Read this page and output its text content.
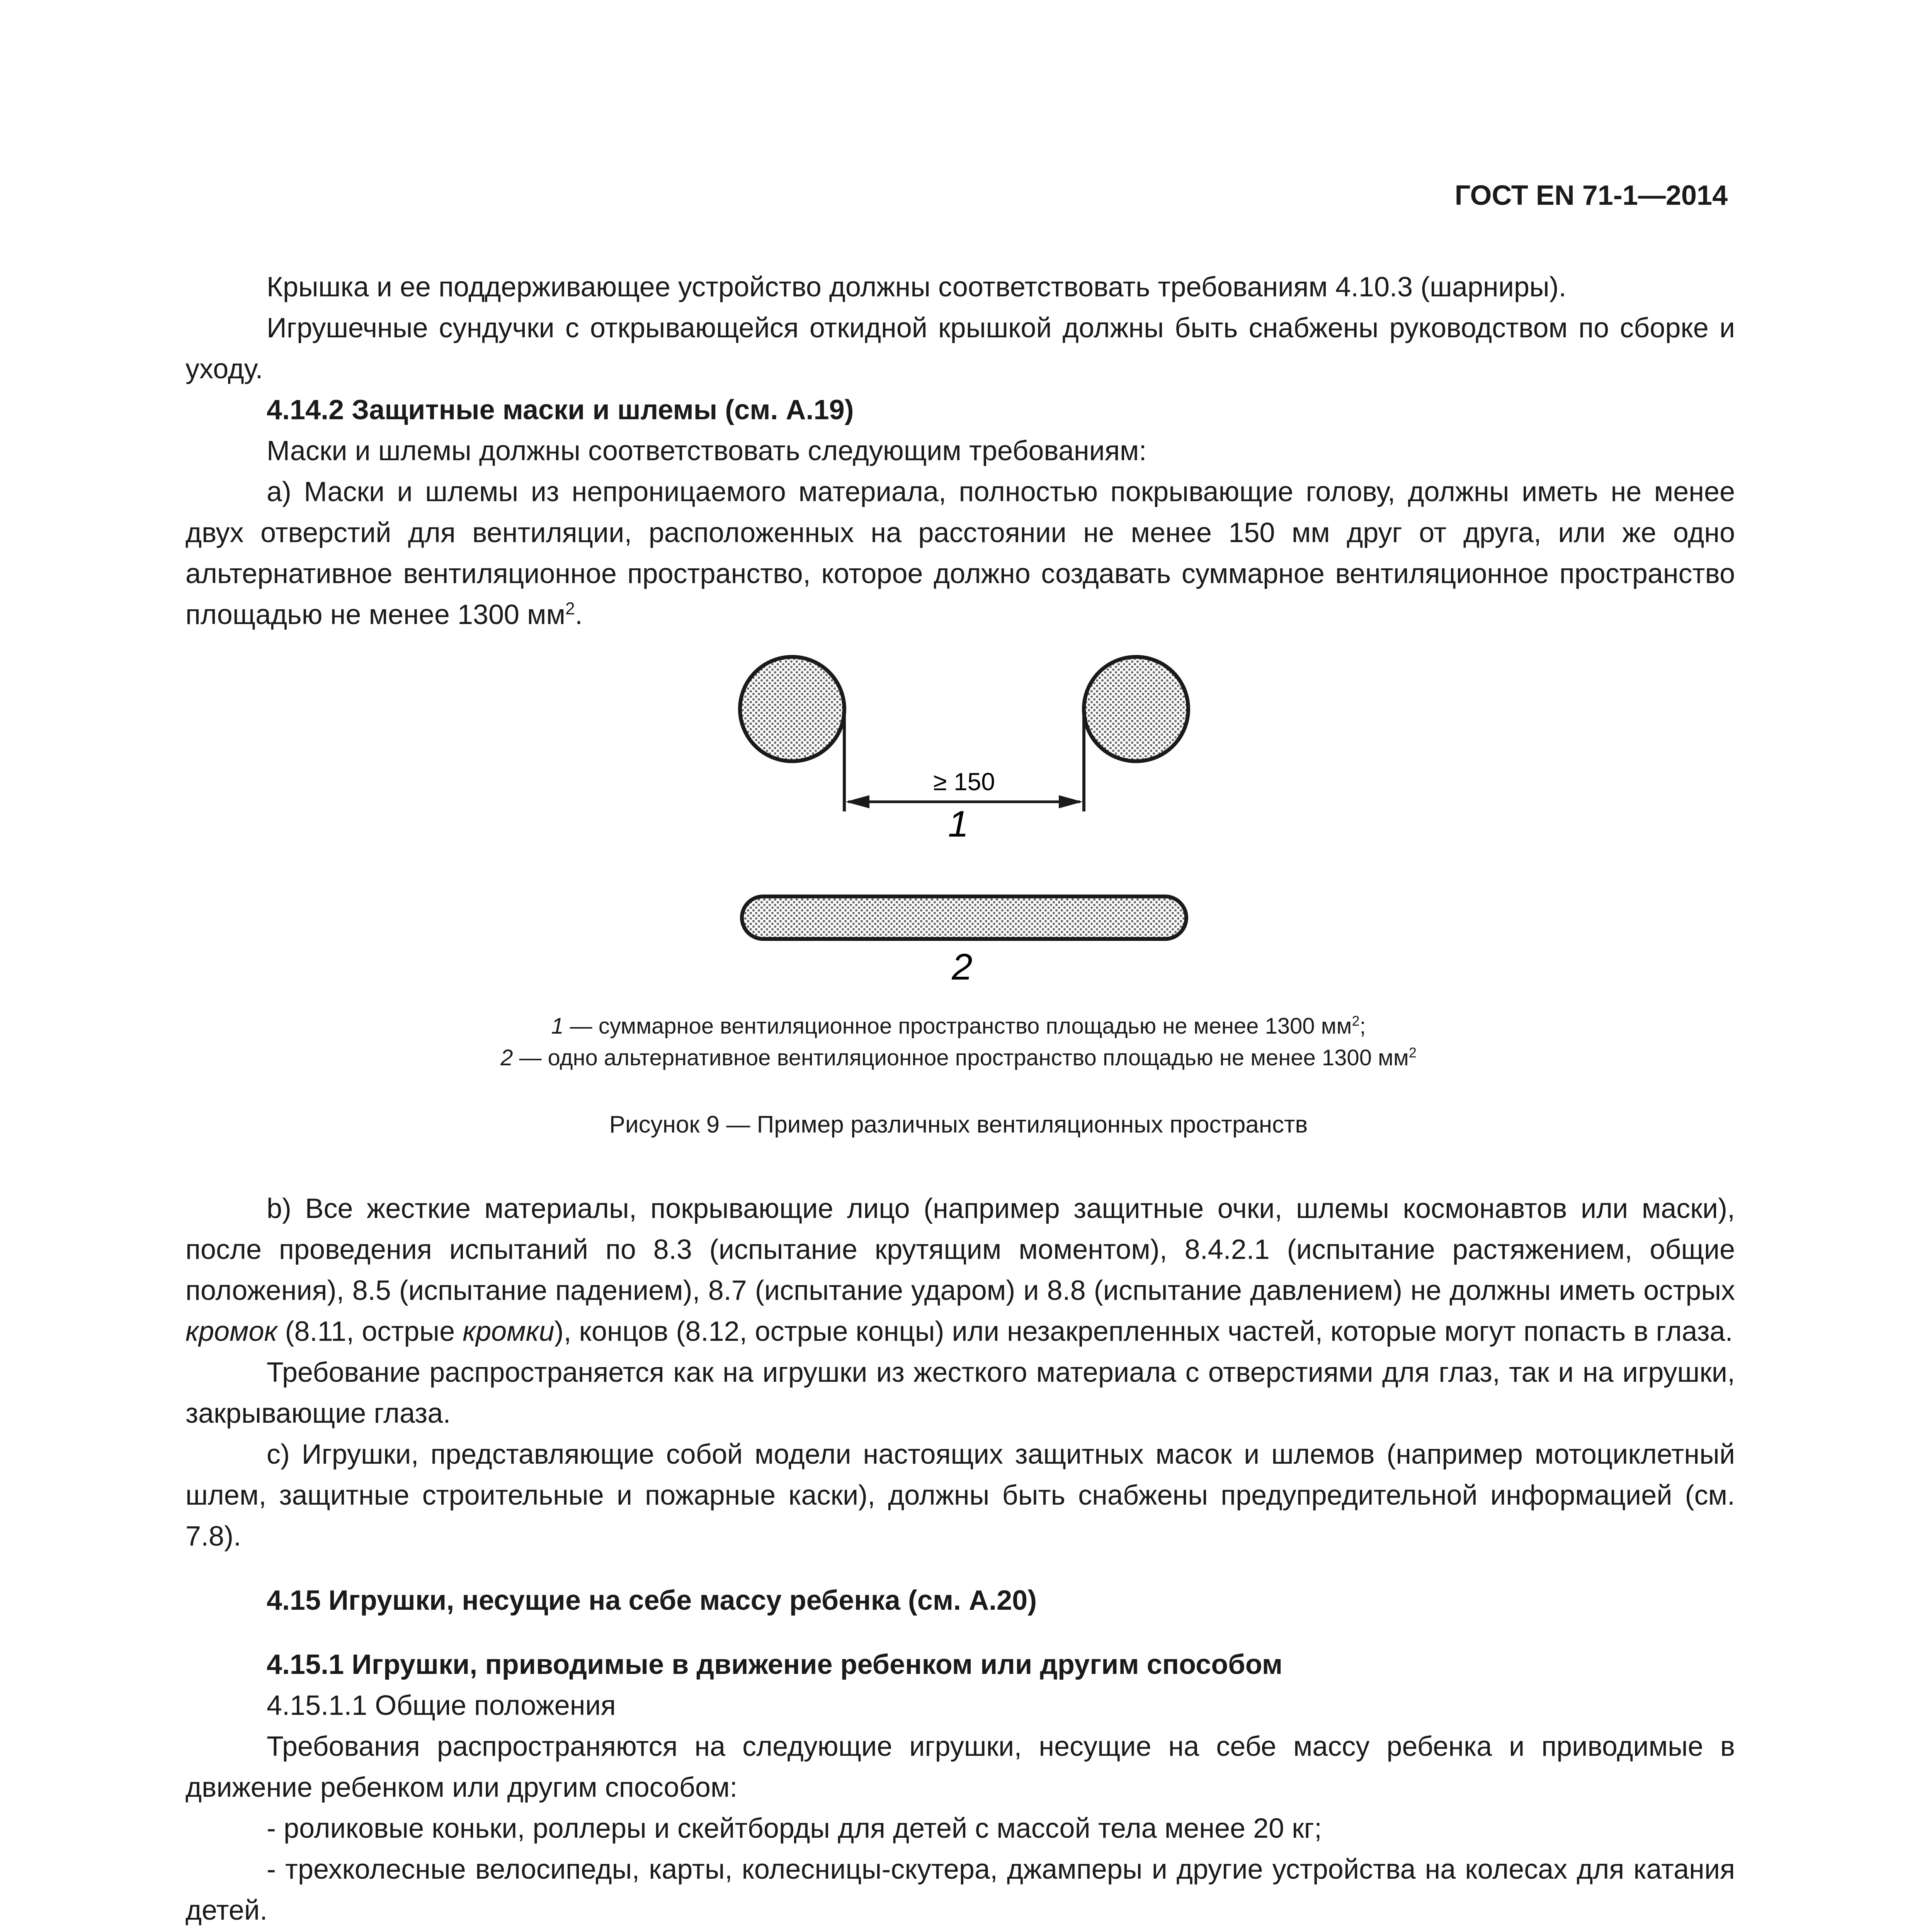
ГОСТ EN 71-1—2014

Крышка и ее поддерживающее устройство должны соответствовать требованиям 4.10.3 (шарниры).

Игрушечные сундучки с открывающейся откидной крышкой должны быть снабжены руководством по сборке и уходу.

4.14.2 Защитные маски и шлемы (см. А.19)

Маски и шлемы должны соответствовать следующим требованиям:

а) Маски и шлемы из непроницаемого материала, полностью покрывающие голову, должны иметь не менее двух отверстий для вентиляции, расположенных на расстоянии не менее 150 мм друг от друга, или же одно альтернативное вентиляционное пространство, которое должно создавать суммарное вентиляционное пространство площадью не менее 1300 $мм^2$.

≥ 150
1
2
1 — суммарное вентиляционное пространство площадью не менее 1300 $мм^2$;
2 — одно альтернативное вентиляционное пространство площадью не менее 1300 $мм^2$
Рисунок 9 — Пример различных вентиляционных пространств

b) Все жесткие материалы, покрывающие лицо (например защитные очки, шлемы космонавтов или маски), после проведения испытаний по 8.3 (испытание крутящим моментом), 8.4.2.1 (испытание растяжением, общие положения), 8.5 (испытание падением), 8.7 (испытание ударом) и 8.8 (испытание давлением) не должны иметь острых кромок (8.11, острые кромки), концов (8.12, острые концы) или незакрепленных частей, которые могут попасть в глаза.

Требование распространяется как на игрушки из жесткого материала с отверстиями для глаз, так и на игрушки, закрывающие глаза.

с) Игрушки, представляющие собой модели настоящих защитных масок и шлемов (например мотоциклетный шлем, защитные строительные и пожарные каски), должны быть снабжены предупредительной информацией (см. 7.8).

4.15 Игрушки, несущие на себе массу ребенка (см. А.20)

4.15.1 Игрушки, приводимые в движение ребенком или другим способом

4.15.1.1 Общие положения

Требования распространяются на следующие игрушки, несущие на себе массу ребенка и приводимые в движение ребенком или другим способом:

- роликовые коньки, роллеры и скейтборды для детей с массой тела менее 20 кг;

- трехколесные велосипеды, карты, колесницы-скутера, джамперы и другие устройства на колесах для катания детей.
